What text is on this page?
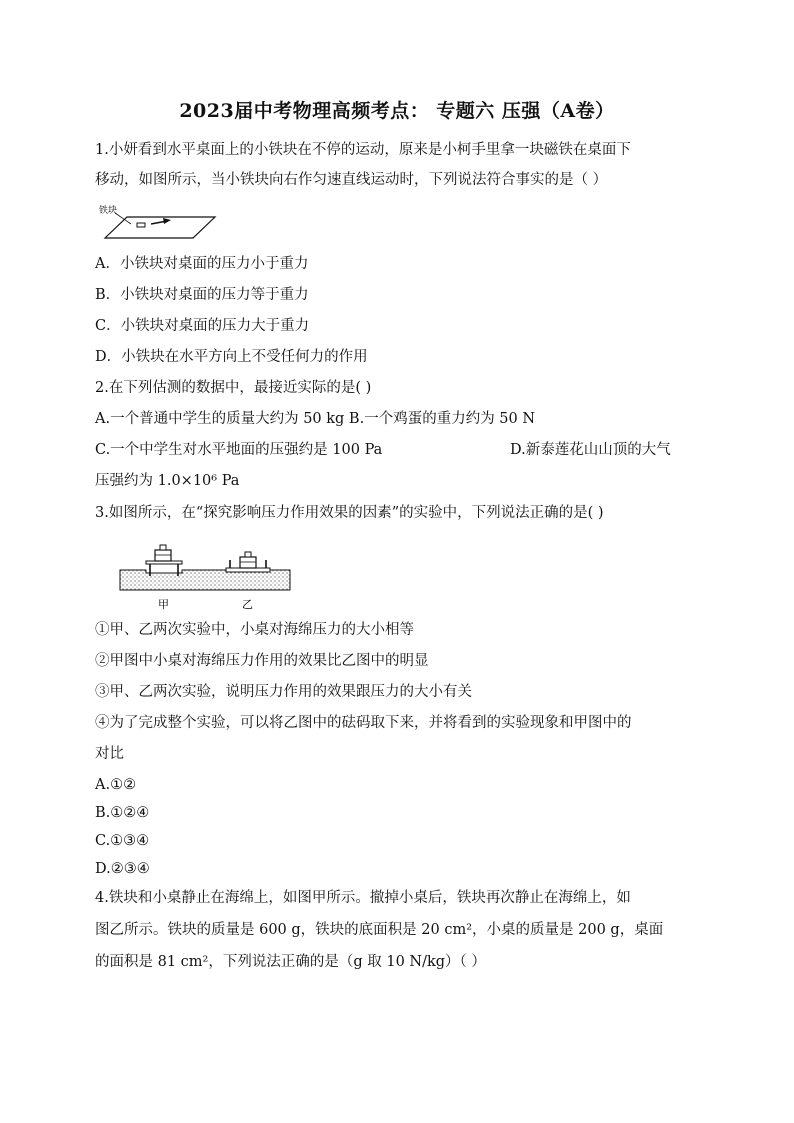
2023届中考物理高频考点： 专题六 压强（A卷）
1.小妍看到水平桌面上的小铁块在不停的运动，原来是小柯手里拿一块磁铁在桌面下
移动，如图所示，当小铁块向右作匀速直线运动时，下列说法符合事实的是（ ）
铁块
A．小铁块对桌面的压力小于重力
B．小铁块对桌面的压力等于重力
C．小铁块对桌面的压力大于重力
D．小铁块在水平方向上不受任何力的作用
2.在下列估测的数据中，最接近实际的是( )
A.一个普通中学生的质量大约为 50 kg B.一个鸡蛋的重力约为 50 N
C.一个中学生对水平地面的压强约是 100 Pa	D.新泰莲花山山顶的大气
压强约为 1.0×10⁶ Pa
3.如图所示，在“探究影响压力作用效果的因素”的实验中，下列说法正确的是( )
甲	乙
①甲、乙两次实验中，小桌对海绵压力的大小相等
②甲图中小桌对海绵压力作用的效果比乙图中的明显
③甲、乙两次实验，说明压力作用的效果跟压力的大小有关
④为了完成整个实验，可以将乙图中的砝码取下来，并将看到的实验现象和甲图中的
对比
A.①②
B.①②④
C.①③④
D.②③④
4.铁块和小桌静止在海绵上，如图甲所示。撤掉小桌后，铁块再次静止在海绵上，如
图乙所示。铁块的质量是 600 g，铁块的底面积是 20 cm²，小桌的质量是 200 g，桌面
的面积是 81 cm²，下列说法正确的是（g 取 10 N/kg）（ ）
